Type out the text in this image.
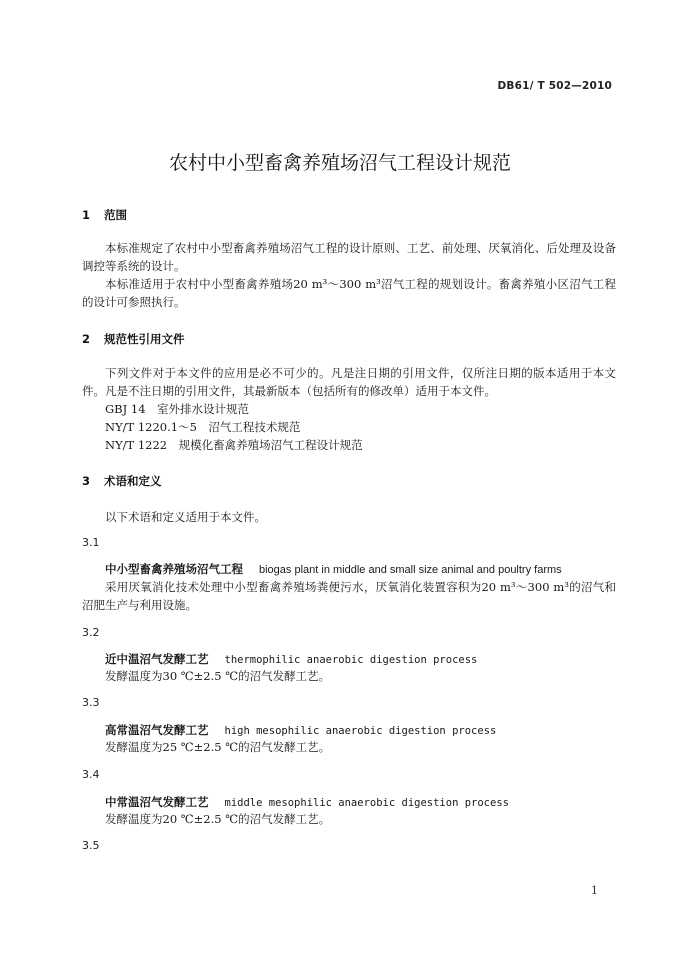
DB61/ T 502—2010
农村中小型畜禽养殖场沼气工程设计规范
1 范围
本标准规定了农村中小型畜禽养殖场沼气工程的设计原则、工艺、前处理、厌氧消化、后处理及设备调控等系统的设计。
本标准适用于农村中小型畜禽养殖场20 m³～300 m³沼气工程的规划设计。畜禽养殖小区沼气工程的设计可参照执行。
2 规范性引用文件
下列文件对于本文件的应用是必不可少的。凡是注日期的引用文件，仅所注日期的版本适用于本文件。凡是不注日期的引用文件，其最新版本（包括所有的修改单）适用于本文件。
GBJ 14　室外排水设计规范
NY/T 1220.1～5　沼气工程技术规范
NY/T 1222　规模化畜禽养殖场沼气工程设计规范
3 术语和定义
以下术语和定义适用于本文件。
3.1
中小型畜禽养殖场沼气工程 biogas plant in middle and small size animal and poultry farms
采用厌氧消化技术处理中小型畜禽养殖场粪便污水，厌氧消化装置容积为20 m³～300 m³的沼气和沼肥生产与利用设施。
3.2
近中温沼气发酵工艺 thermophilic anaerobic digestion process
发酵温度为30 ℃±2.5 ℃的沼气发酵工艺。
3.3
高常温沼气发酵工艺 high mesophilic anaerobic digestion process
发酵温度为25 ℃±2.5 ℃的沼气发酵工艺。
3.4
中常温沼气发酵工艺 middle mesophilic anaerobic digestion process
发酵温度为20 ℃±2.5 ℃的沼气发酵工艺。
3.5
1
